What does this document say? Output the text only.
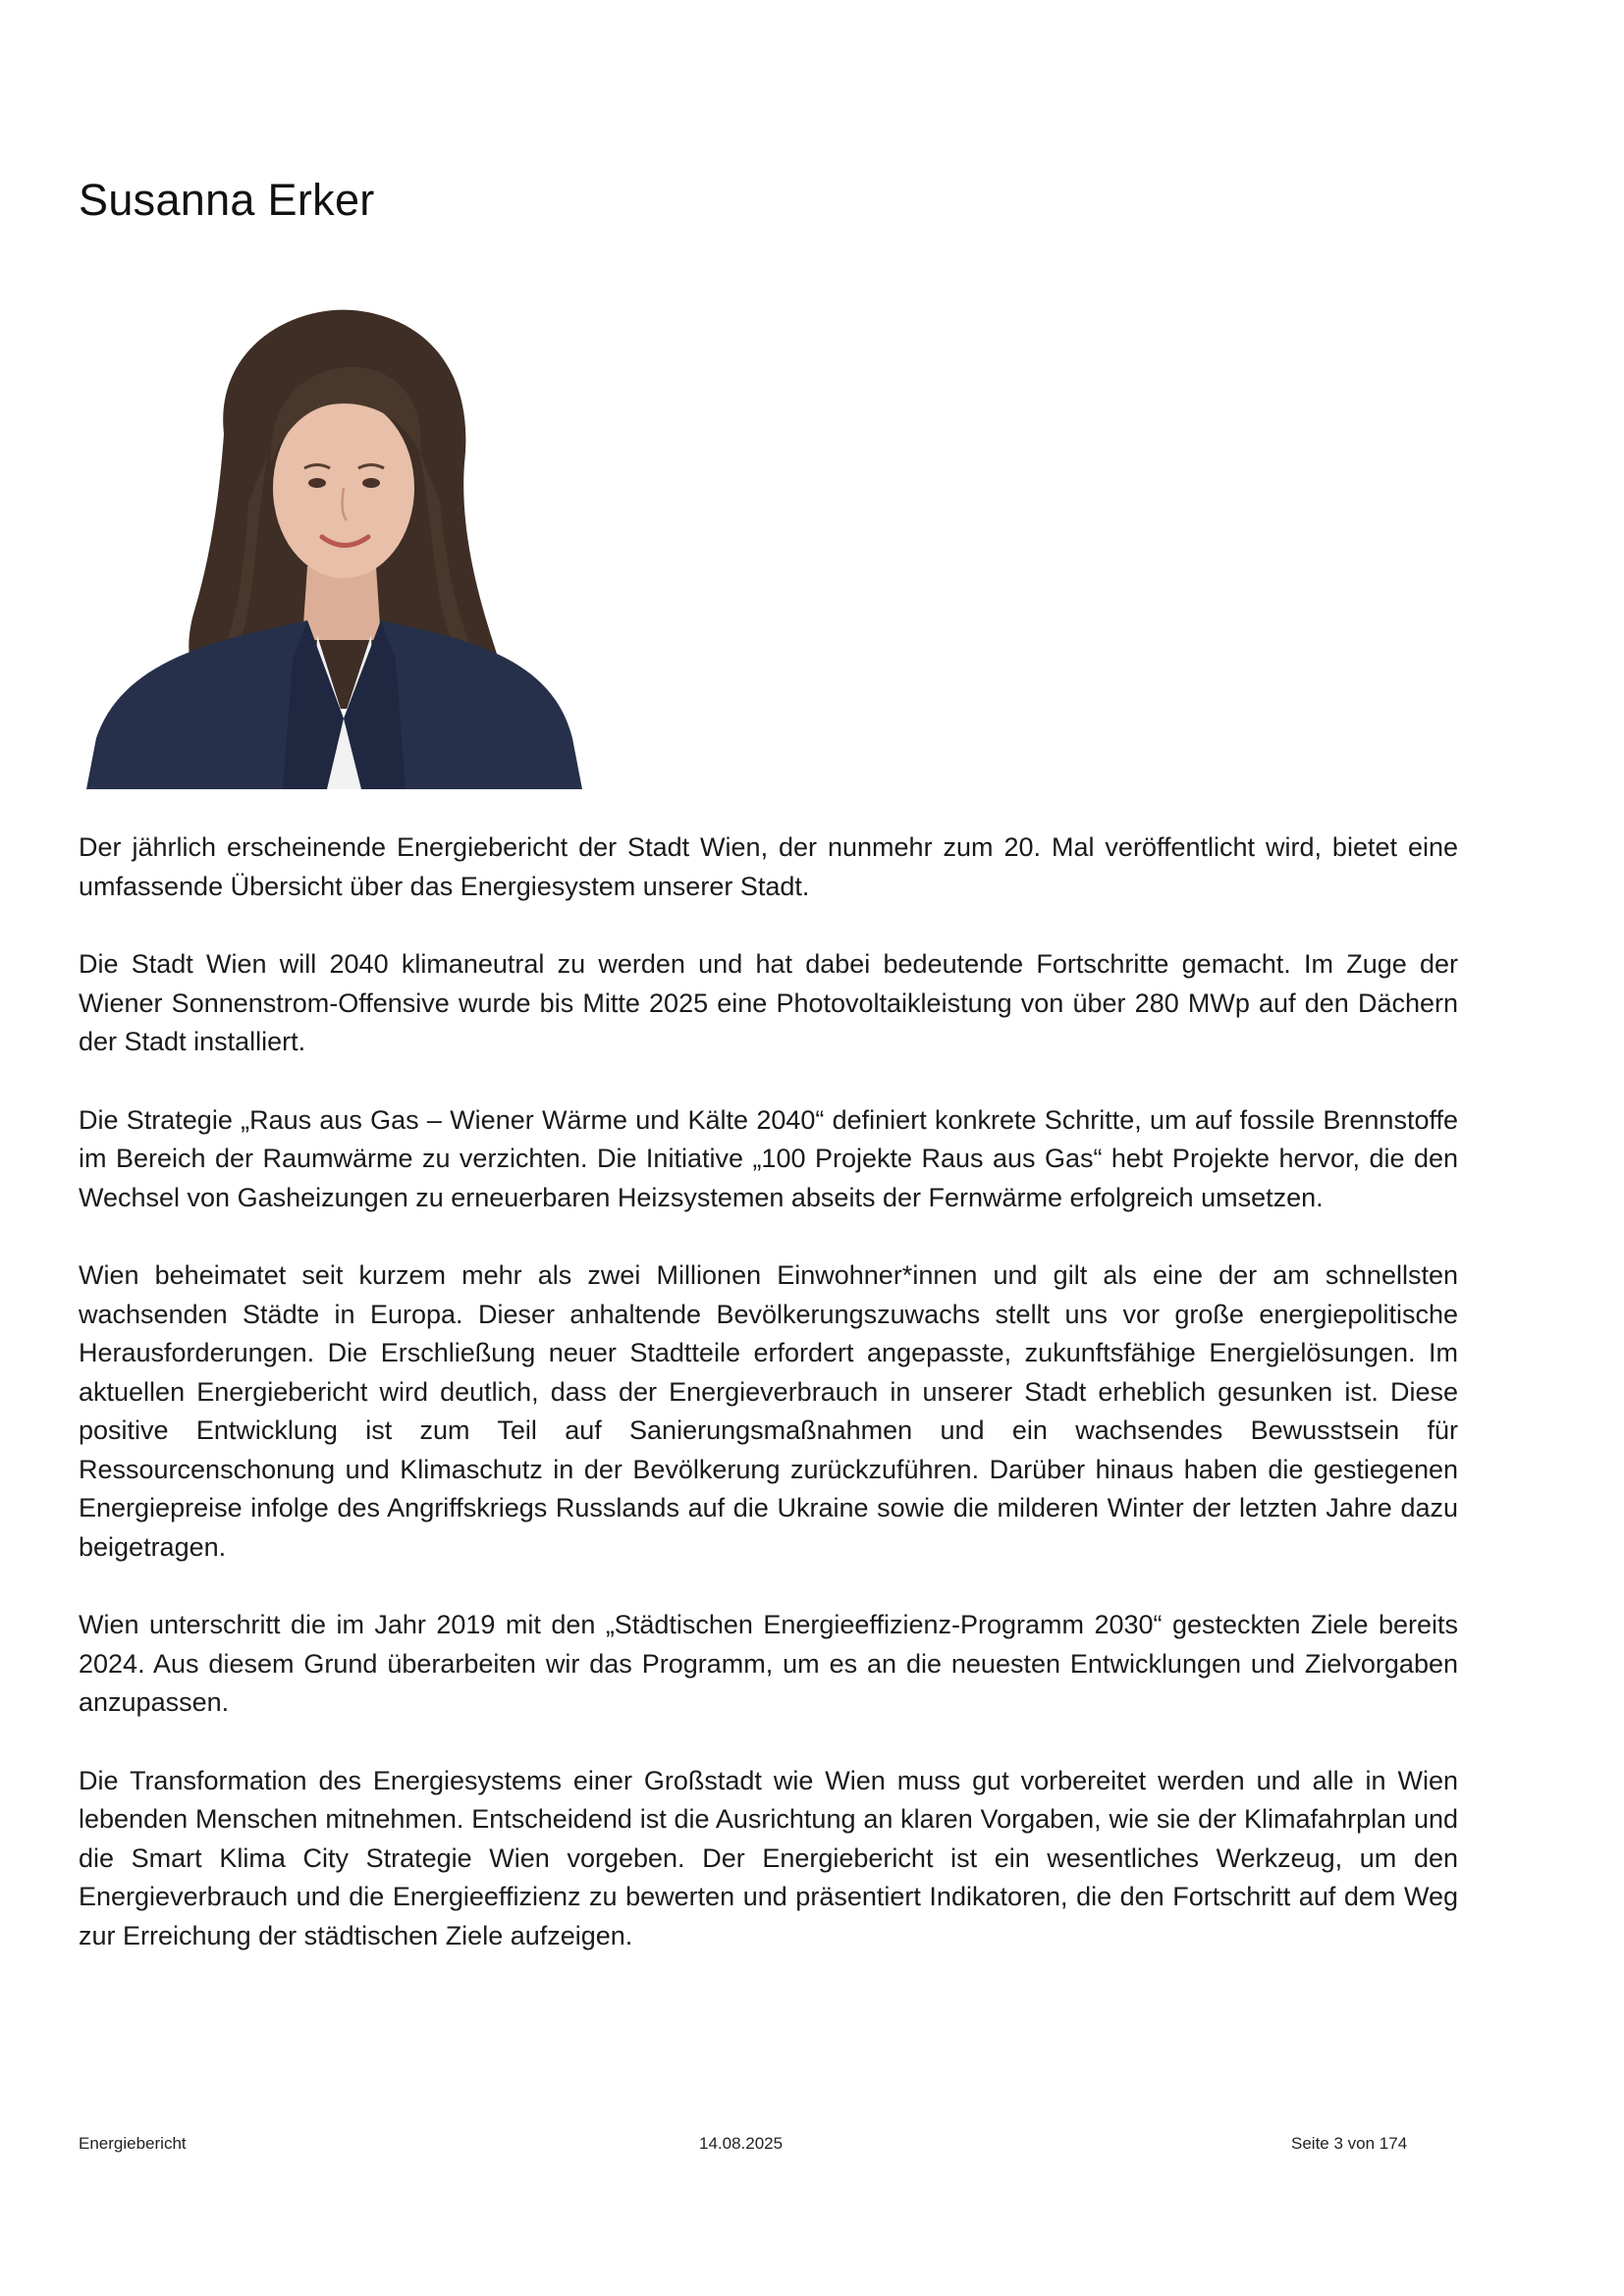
Susanna Erker

Der jährlich erscheinende Energiebericht der Stadt Wien, der nunmehr zum 20. Mal veröffentlicht wird, bietet eine umfassende Übersicht über das Energiesystem unserer Stadt.

Die Stadt Wien will 2040 klimaneutral zu werden und hat dabei bedeutende Fortschritte gemacht. Im Zuge der Wiener Sonnenstrom-Offensive wurde bis Mitte 2025 eine Photovoltaikleistung von über 280 MWp auf den Dächern der Stadt installiert.

Die Strategie „Raus aus Gas – Wiener Wärme und Kälte 2040“ definiert konkrete Schritte, um auf fossile Brennstoffe im Bereich der Raumwärme zu verzichten. Die Initiative „100 Projekte Raus aus Gas“ hebt Projekte hervor, die den Wechsel von Gasheizungen zu erneuerbaren Heizsystemen abseits der Fernwärme erfolgreich umsetzen.

Wien beheimatet seit kurzem mehr als zwei Millionen Einwohner*innen und gilt als eine der am schnellsten wachsenden Städte in Europa. Dieser anhaltende Bevölkerungszuwachs stellt uns vor große energiepolitische Herausforderungen. Die Erschließung neuer Stadtteile erfordert angepasste, zukunftsfähige Energielösungen. Im aktuellen Energiebericht wird deutlich, dass der Energieverbrauch in unserer Stadt erheblich gesunken ist. Diese positive Entwicklung ist zum Teil auf Sanierungsmaßnahmen und ein wachsendes Bewusstsein für Ressourcenschonung und Klimaschutz in der Bevölkerung zurückzuführen. Darüber hinaus haben die gestiegenen Energiepreise infolge des Angriffskriegs Russlands auf die Ukraine sowie die milderen Winter der letzten Jahre dazu beigetragen.

Wien unterschritt die im Jahr 2019 mit den „Städtischen Energieeffizienz-Programm 2030“ gesteckten Ziele bereits 2024. Aus diesem Grund überarbeiten wir das Programm, um es an die neuesten Entwicklungen und Zielvorgaben anzupassen.

Die Transformation des Energiesystems einer Großstadt wie Wien muss gut vorbereitet werden und alle in Wien lebenden Menschen mitnehmen. Entscheidend ist die Ausrichtung an klaren Vorgaben, wie sie der Klimafahrplan und die Smart Klima City Strategie Wien vorgeben. Der Energiebericht ist ein wesentliches Werkzeug, um den Energieverbrauch und die Energieeffizienz zu bewerten und präsentiert Indikatoren, die den Fortschritt auf dem Weg zur Erreichung der städtischen Ziele aufzeigen.

Energiebericht	14.08.2025	Seite 3 von 174
